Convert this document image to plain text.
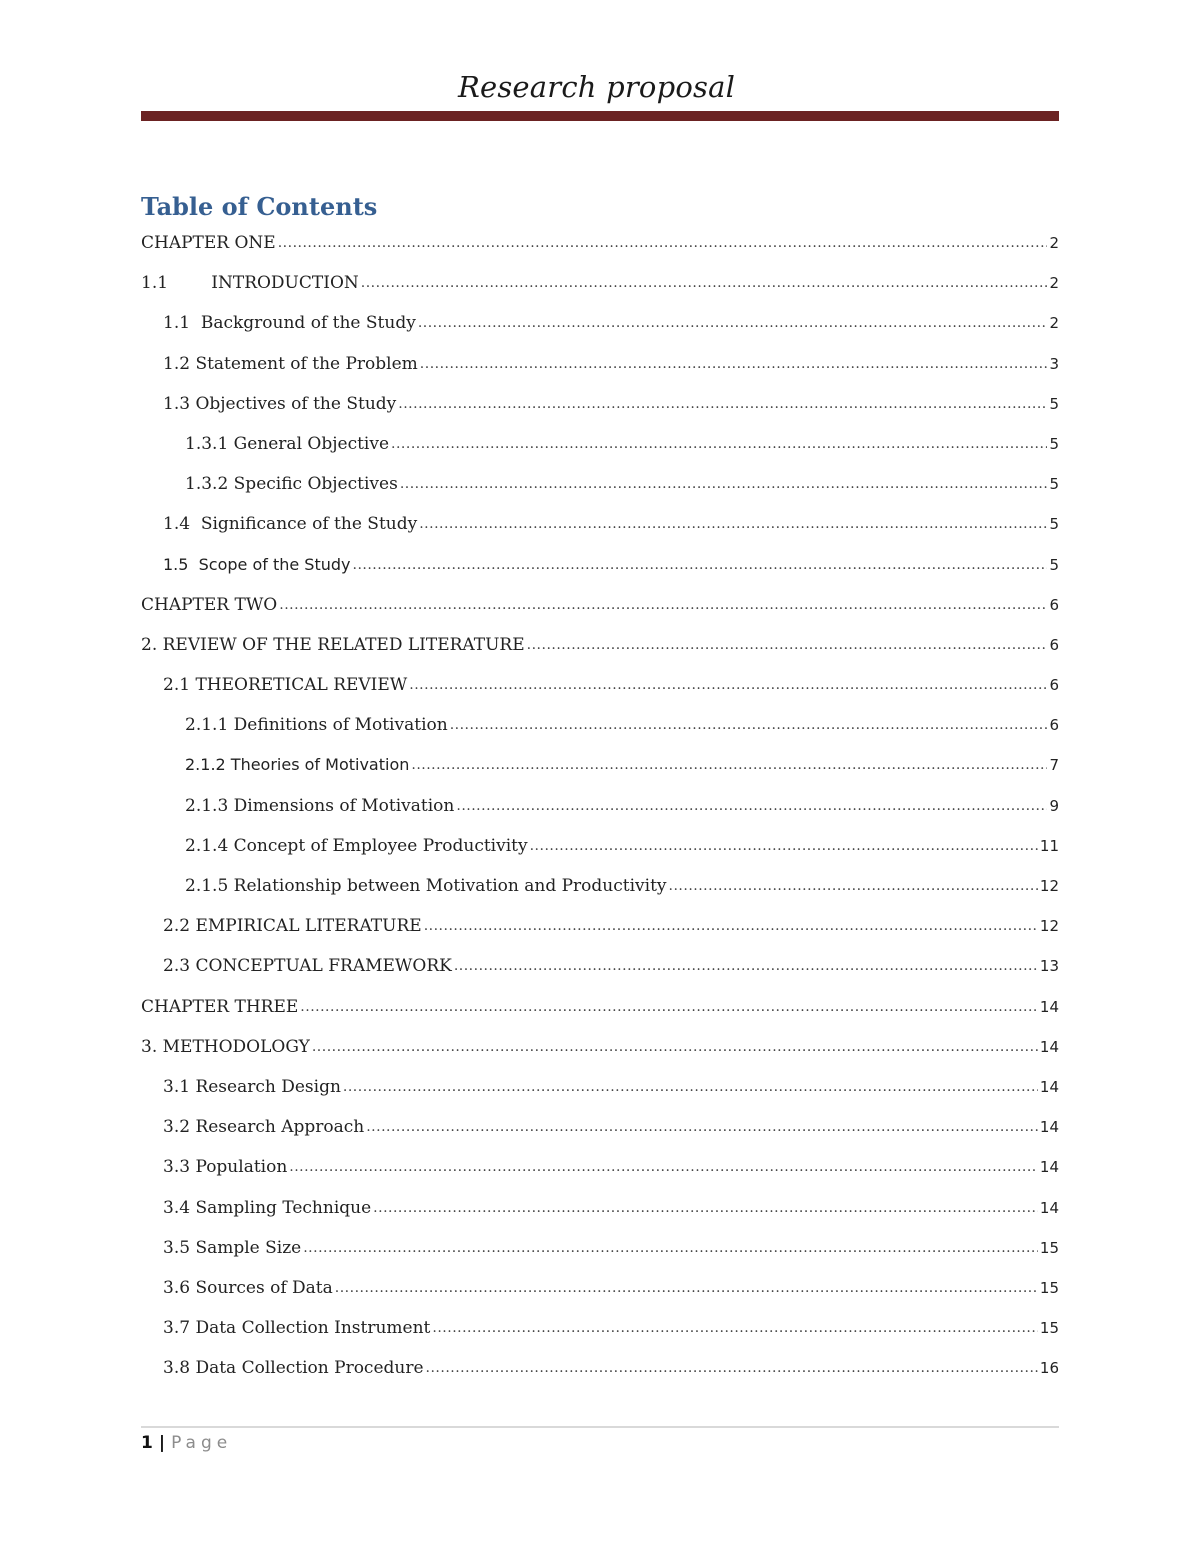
Research proposal
Table of Contents
CHAPTER ONE .....	2
1.1        INTRODUCTION .....	2
1.1  Background of the Study .....	2
1.2 Statement of the Problem .....	3
1.3 Objectives of the Study .....	5
1.3.1 General Objective .....	5
1.3.2 Specific Objectives .....	5
1.4  Significance of the Study .....	5
1.5  Scope of the Study .....	5
CHAPTER TWO .....	6
2. REVIEW OF THE RELATED LITERATURE .....	6
2.1 THEORETICAL REVIEW .....	6
2.1.1 Definitions of Motivation .....	6
2.1.2 Theories of Motivation .....	7
2.1.3 Dimensions of Motivation .....	9
2.1.4 Concept of Employee Productivity .....	11
2.1.5 Relationship between Motivation and Productivity .....	12
2.2 EMPIRICAL LITERATURE .....	12
2.3 CONCEPTUAL FRAMEWORK .....	13
CHAPTER THREE .....	14
3. METHODOLOGY .....	14
3.1 Research Design .....	14
3.2 Research Approach .....	14
3.3 Population .....	14
3.4 Sampling Technique .....	14
3.5 Sample Size .....	15
3.6 Sources of Data .....	15
3.7 Data Collection Instrument .....	15
3.8 Data Collection Procedure .....	16
1 | Page
